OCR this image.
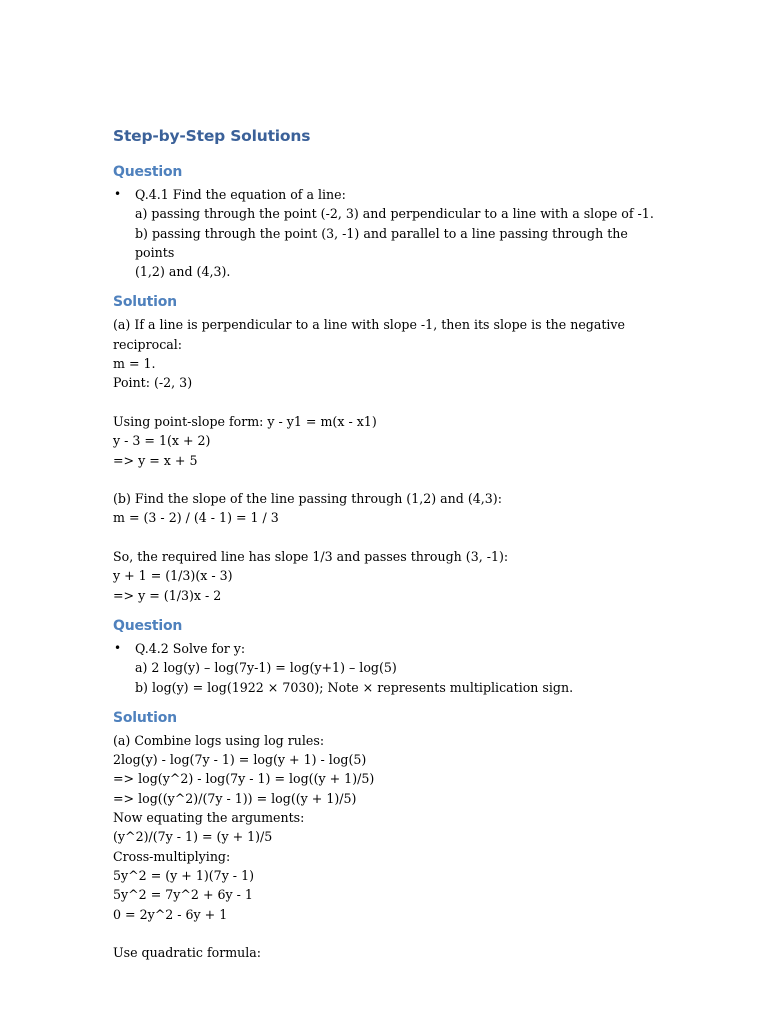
Step-by-Step Solutions
Question
• Q.4.1 Find the equation of a line:
a) passing through the point (-2, 3) and perpendicular to a line with a slope of -1.
b) passing through the point (3, -1) and parallel to a line passing through the points
(1,2) and (4,3).
Solution
(a) If a line is perpendicular to a line with slope -1, then its slope is the negative reciprocal:
m = 1.
Point: (-2, 3)
Using point-slope form: y - y1 = m(x - x1)
y - 3 = 1(x + 2)
=> y = x + 5
(b) Find the slope of the line passing through (1,2) and (4,3):
m = (3 - 2) / (4 - 1) = 1 / 3
So, the required line has slope 1/3 and passes through (3, -1):
y + 1 = (1/3)(x - 3)
=> y = (1/3)x - 2
Question
• Q.4.2 Solve for y:
a) 2 log(y) – log(7y-1) = log(y+1) – log(5)
b) log(y) = log(1922 × 7030); Note × represents multiplication sign.
Solution
(a) Combine logs using log rules:
2log(y) - log(7y - 1) = log(y + 1) - log(5)
=> log(y^2) - log(7y - 1) = log((y + 1)/5)
=> log((y^2)/(7y - 1)) = log((y + 1)/5)
Now equating the arguments:
(y^2)/(7y - 1) = (y + 1)/5
Cross-multiplying:
5y^2 = (y + 1)(7y - 1)
5y^2 = 7y^2 + 6y - 1
0 = 2y^2 - 6y + 1
Use quadratic formula:
